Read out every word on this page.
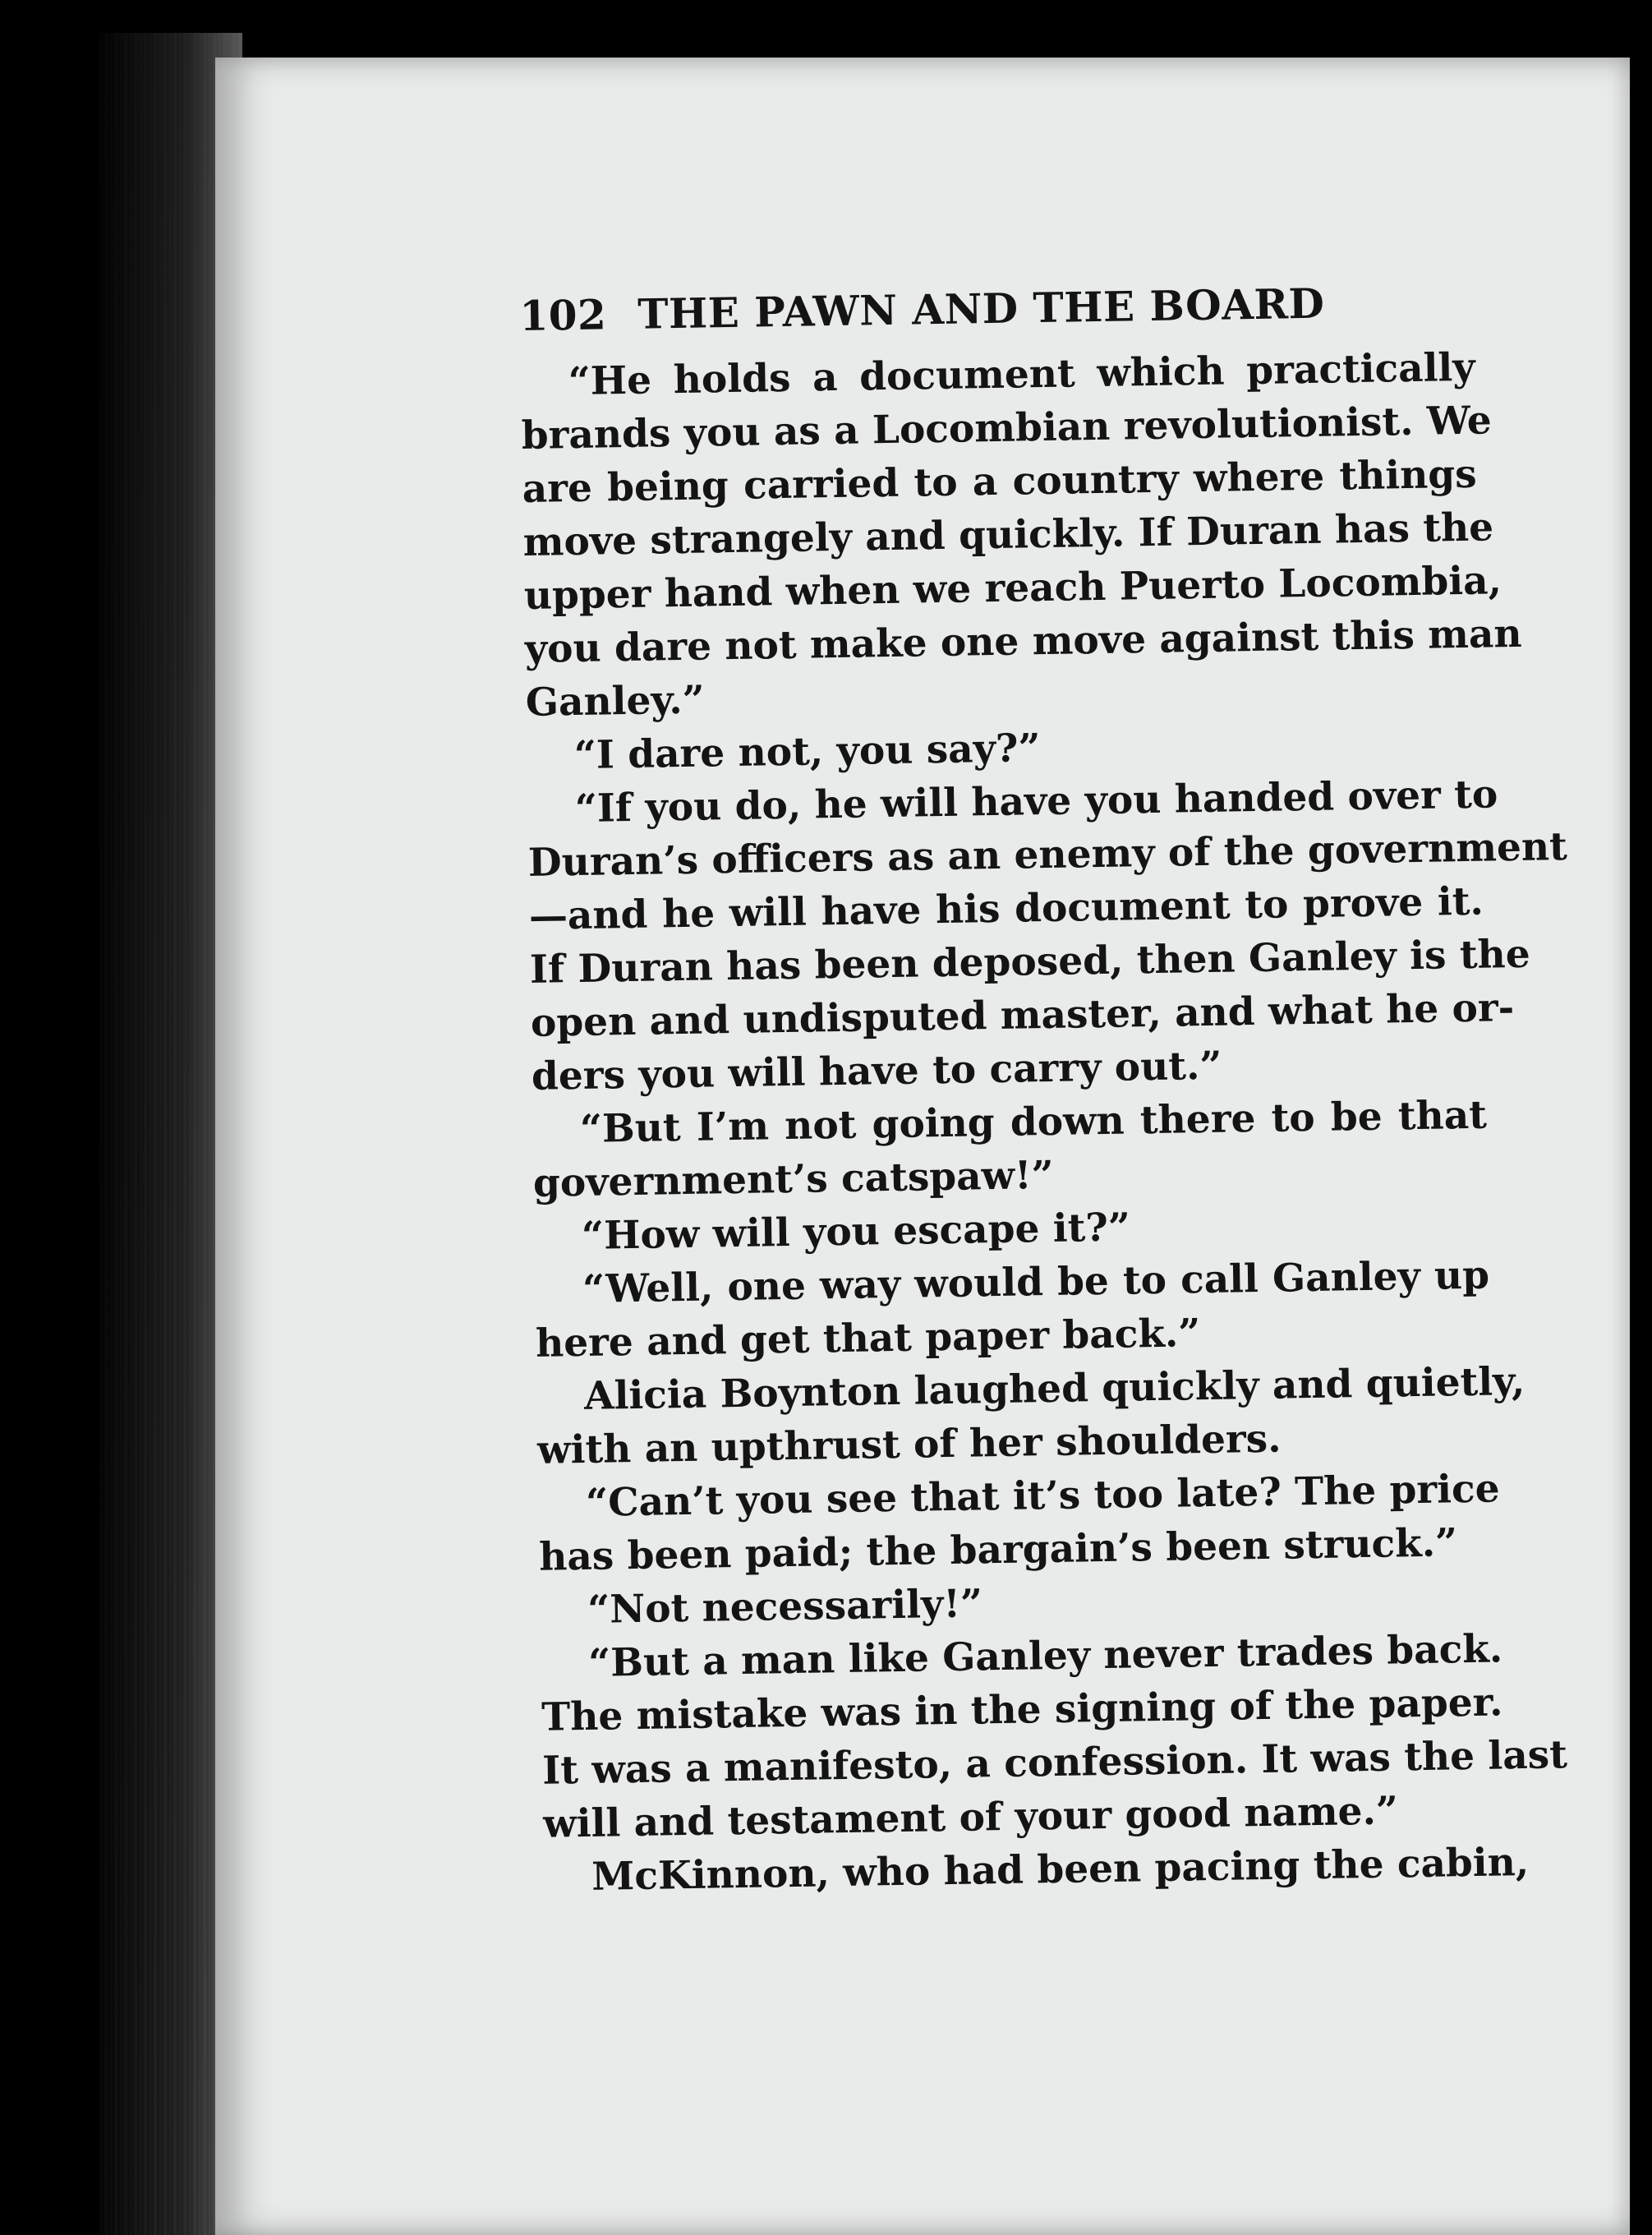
102 THE PAWN AND THE BOARD
“He holds a document which practically
brands you as a Locombian revolutionist. We
are being carried to a country where things
move strangely and quickly. If Duran has the
upper hand when we reach Puerto Locombia,
you dare not make one move against this man
Ganley.”
“I dare not, you say?”
“If you do, he will have you handed over to
Duran’s officers as an enemy of the government
—and he will have his document to prove it.
If Duran has been deposed, then Ganley is the
open and undisputed master, and what he or-
ders you will have to carry out.”
“But I’m not going down there to be that
government’s catspaw!”
“How will you escape it?”
“Well, one way would be to call Ganley up
here and get that paper back.”
Alicia Boynton laughed quickly and quietly,
with an upthrust of her shoulders.
“Can’t you see that it’s too late? The price
has been paid; the bargain’s been struck.”
“Not necessarily!”
“But a man like Ganley never trades back.
The mistake was in the signing of the paper.
It was a manifesto, a confession. It was the last
will and testament of your good name.”
McKinnon, who had been pacing the cabin,
